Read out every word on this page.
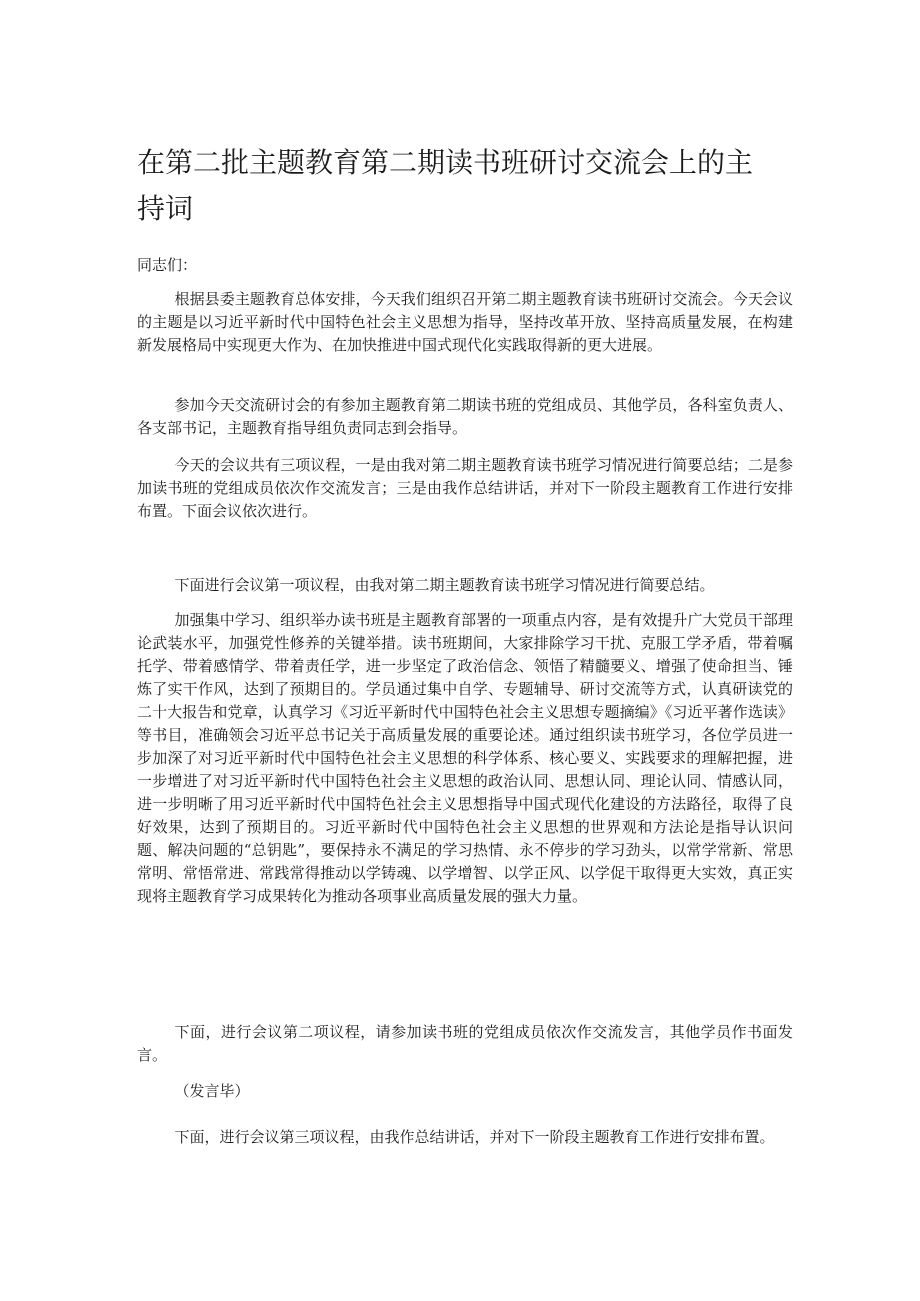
在第二批主题教育第二期读书班研讨交流会上的主
持词

同志们：

根据县委主题教育总体安排，今天我们组织召开第二期主题教育读书班研讨交流会。今天会议的主题是以习近平新时代中国特色社会主义思想为指导，坚持改革开放、坚持高质量发展，在构建新发展格局中实现更大作为、在加快推进中国式现代化实践取得新的更大进展。

参加今天交流研讨会的有参加主题教育第二期读书班的党组成员、其他学员，各科室负责人、各支部书记，主题教育指导组负责同志到会指导。

今天的会议共有三项议程，一是由我对第二期主题教育读书班学习情况进行简要总结；二是参加读书班的党组成员依次作交流发言；三是由我作总结讲话，并对下一阶段主题教育工作进行安排布置。下面会议依次进行。

下面进行会议第一项议程，由我对第二期主题教育读书班学习情况进行简要总结。

加强集中学习、组织举办读书班是主题教育部署的一项重点内容，是有效提升广大党员干部理论武装水平，加强党性修养的关键举措。读书班期间，大家排除学习干扰、克服工学矛盾，带着嘱托学、带着感情学、带着责任学，进一步坚定了政治信念、领悟了精髓要义、增强了使命担当、锤炼了实干作风，达到了预期目的。学员通过集中自学、专题辅导、研讨交流等方式，认真研读党的二十大报告和党章，认真学习《习近平新时代中国特色社会主义思想专题摘编》《习近平著作选读》等书目，准确领会习近平总书记关于高质量发展的重要论述。通过组织读书班学习，各位学员进一步加深了对习近平新时代中国特色社会主义思想的科学体系、核心要义、实践要求的理解把握，进一步增进了对习近平新时代中国特色社会主义思想的政治认同、思想认同、理论认同、情感认同，进一步明晰了用习近平新时代中国特色社会主义思想指导中国式现代化建设的方法路径，取得了良好效果，达到了预期目的。习近平新时代中国特色社会主义思想的世界观和方法论是指导认识问题、解决问题的“总钥匙”，要保持永不满足的学习热情、永不停步的学习劲头，以常学常新、常思常明、常悟常进、常践常得推动以学铸魂、以学增智、以学正风、以学促干取得更大实效，真正实现将主题教育学习成果转化为推动各项事业高质量发展的强大力量。

下面，进行会议第二项议程，请参加读书班的党组成员依次作交流发言，其他学员作书面发言。

（发言毕）

下面，进行会议第三项议程，由我作总结讲话，并对下一阶段主题教育工作进行安排布置。
